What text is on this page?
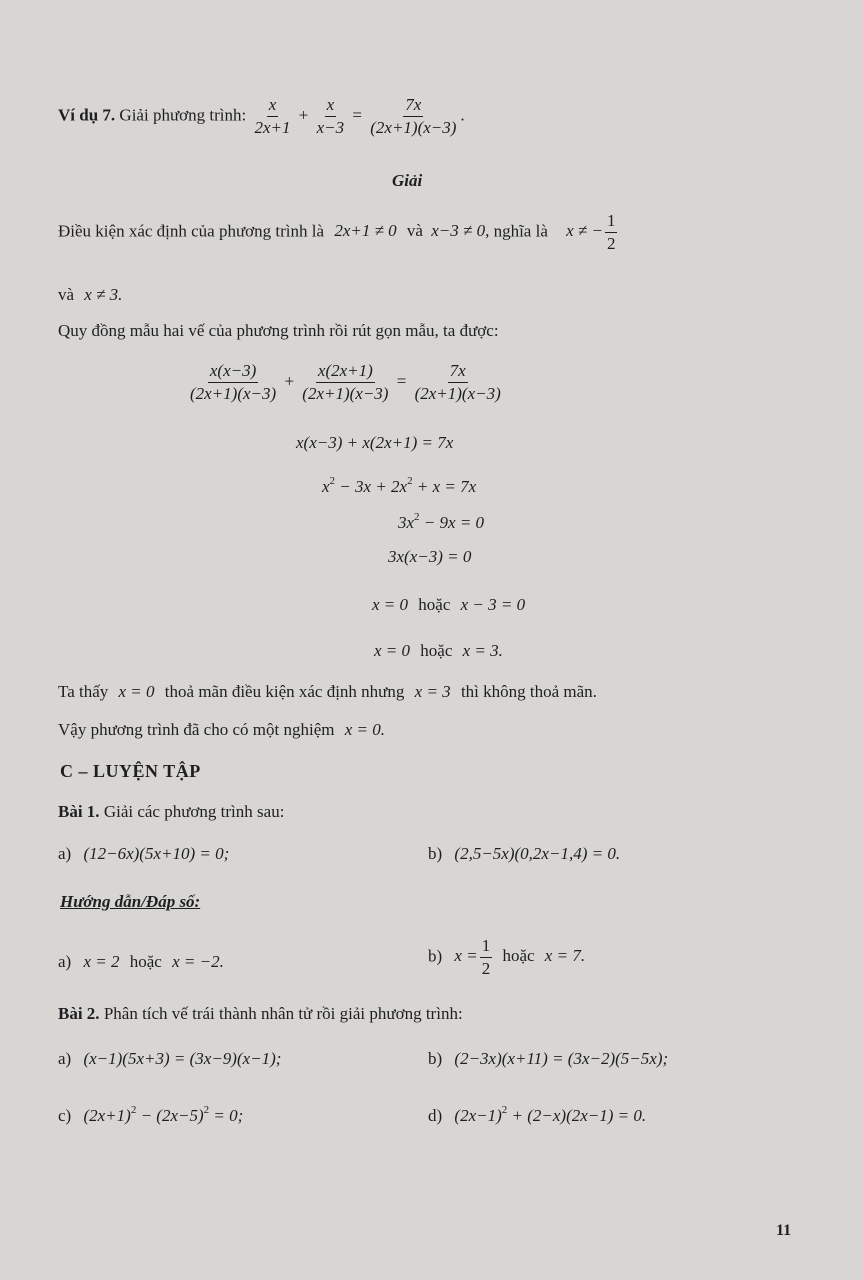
Ví dụ 7. Giải phương trình: $\frac{x}{2x+1} + \frac{x}{x-3} = \frac{7x}{(2x+1)(x-3)}$ .
Giải
Điều kiện xác định của phương trình là 2x+1 ≠ 0 và x−3 ≠ 0, nghĩa là x ≠ − $\frac{1}{2}$
và x ≠ 3.
Quy đồng mẫu hai vế của phương trình rồi rút gọn mẫu, ta được:
$\frac{x(x-3)}{(2x+1)(x-3)} + \frac{x(2x+1)}{(2x+1)(x-3)} = \frac{7x}{(2x+1)(x-3)}$
x(x−3) + x(2x+1) = 7x
$x^2 - 3x + 2x^2 + x = 7x$
$3x^2 - 9x = 0$
3x(x−3) = 0
x = 0 hoặc x − 3 = 0
x = 0 hoặc x = 3.
Ta thấy x = 0 thoả mãn điều kiện xác định nhưng x = 3 thì không thoả mãn.
Vậy phương trình đã cho có một nghiệm x = 0.
C – LUYỆN TẬP
Bài 1. Giải các phương trình sau:
a) (12−6x)(5x+10) = 0;	b) (2,5−5x)(0,2x−1,4) = 0.
Hướng dẫn/Đáp số:
a) x = 2 hoặc x = −2.	b) $x = \frac{1}{2}$ hoặc x = 7.
Bài 2. Phân tích vế trái thành nhân tử rồi giải phương trình:
a) (x−1)(5x+3) = (3x−9)(x−1);	b) (2−3x)(x+11) = (3x−2)(5−5x);
c) $(2x+1)^2 - (2x-5)^2 = 0$;	d) $(2x-1)^2 + (2-x)(2x-1) = 0$.
11
